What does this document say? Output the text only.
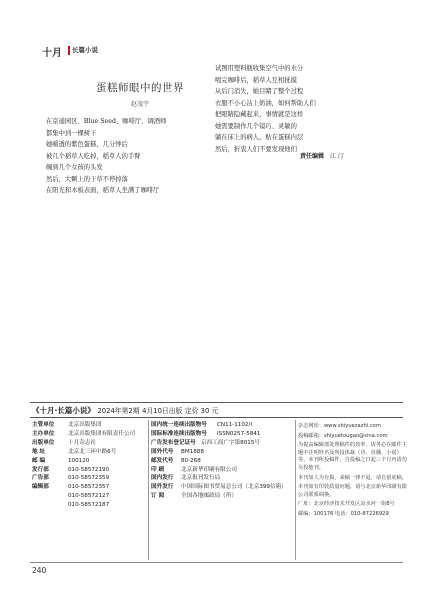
十月 长篇小说
蛋糕师眼中的世界
赵茂宇
在京通园区、Blue Seed、咖啡厅、调酒师
都集中到一棵树下
她嚼透的紫色蛋糕，几分钟后
被几个稻草人吃掉，稻草人的手臂
缠到几个女孩的头发
然后，大颗上的干草不停掉落
在阳光和木板表面，稻草人坐满了咖啡厅
试图用塑料瓶收集空气中的水分
喝完咖啡后，稻草人互相抚摸
从后门消失，她目睹了整个过程
衣服不小心沾上奶油，如何帮助人们
把眼睛隐藏起来，事情就是这样
她需要制作几个镜巧、灵敏的
躺在床上的病人，贴在蛋糕内层
然后，折衷人们不要发现他们
责任编辑 江 汀
《十月·长篇小说》 2024年第2期 4月10日出版 定价 30 元
主管单位	北京出版集团
主办单位	北京出版集团有限责任公司
出版单位	十月杂志社
地 址	北京北三环中路6号
邮 编	100120
发行部	010-58572190
广告部	010-58572359
编辑部	010-58572357
010-58572127
010-58572187
国内统一连续出版物号	CN11-1102/I
国际标准连续出版物号	ISSN0257-5841
广告发布登记证号 京西工商广字第8015号
国外代号	BM1888
邮发代号	80-268
印 刷	北京新华印刷有限公司
国内发行	北京报刊发行局
国外发行	中国国际图书贸易总公司（北京399信箱）
订 阅	全国各地邮政局（所）

杂志网址：www.shiyuezazhi.com

投稿邮箱：shiyuetougao@sina.com

为提高编辑部处理稿件的效率，请务必在邮件主题中注明姓名及所投体裁（诗、直播、小说）等。本刊所投稿件，自投稿之日起三个月内请勿另投他刊。

本刊如人为有损，来稿一律不退，请自留底稿。

本刊如有印装质量问题，请与北京新华印刷有限公司联系调换。

厂址：北京经济技术开发区凉水河一街8号

邮编：100176 电话：010-87226929

240
